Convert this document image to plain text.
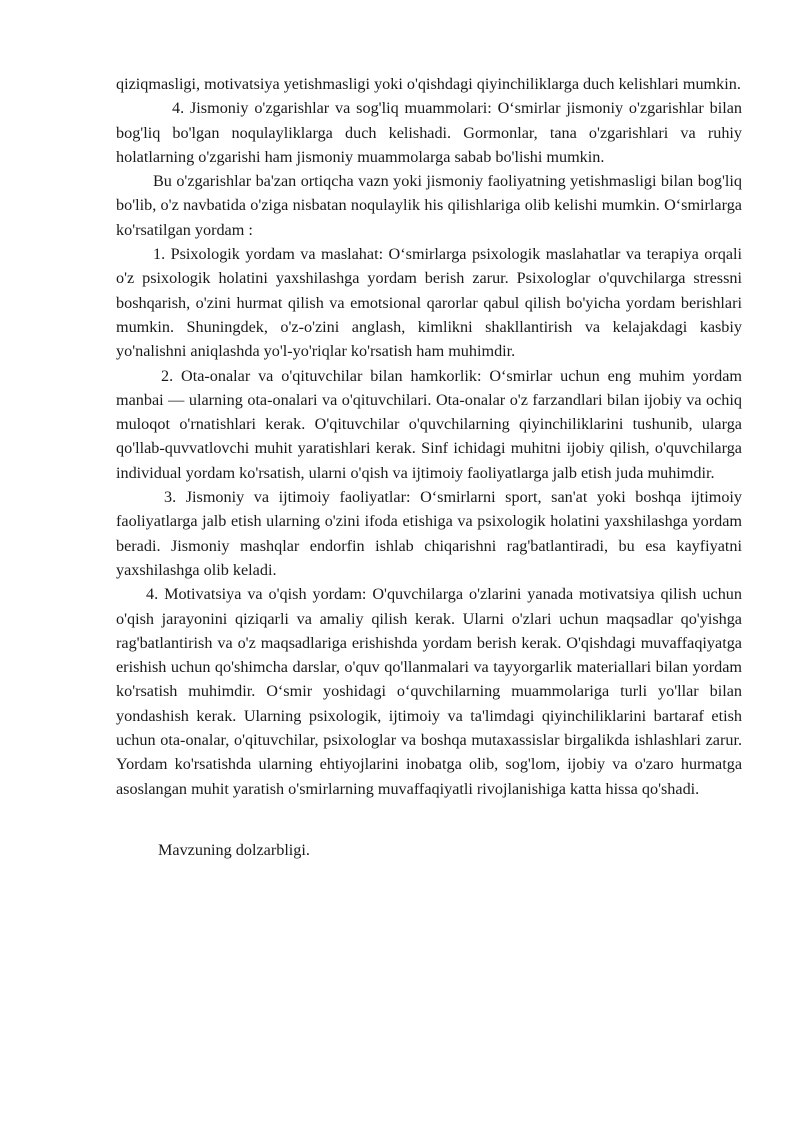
qiziqmasligi, motivatsiya yetishmasligi yoki o'qishdagi qiyinchiliklarga duch kelishlari mumkin.

4. Jismoniy o'zgarishlar va sog'liq muammolari: O‘smirlar jismoniy o'zgarishlar bilan bog'liq bo'lgan noqulayliklarga duch kelishadi. Gormonlar, tana o'zgarishlari va ruhiy holatlarning o'zgarishi ham jismoniy muammolarga sabab bo'lishi mumkin.

Bu o'zgarishlar ba'zan ortiqcha vazn yoki jismoniy faoliyatning yetishmasligi bilan bog'liq bo'lib, o'z navbatida o'ziga nisbatan noqulaylik his qilishlariga olib kelishi mumkin. O‘smirlarga ko'rsatilgan yordam :

1. Psixologik yordam va maslahat: O‘smirlarga psixologik maslahatlar va terapiya orqali o'z psixologik holatini yaxshilashga yordam berish zarur. Psixologlar o'quvchilarga stressni boshqarish, o'zini hurmat qilish va emotsional qarorlar qabul qilish bo'yicha yordam berishlari mumkin. Shuningdek, o'z-o'zini anglash, kimlikni shakllantirish va kelajakdagi kasbiy yo'nalishni aniqlashda yo'l-yo'riqlar ko'rsatish ham muhimdir.

2. Ota-onalar va o'qituvchilar bilan hamkorlik: O‘smirlar uchun eng muhim yordam manbai — ularning ota-onalari va o'qituvchilari. Ota-onalar o'z farzandlari bilan ijobiy va ochiq muloqot o'rnatishlari kerak. O'qituvchilar o'quvchilarning qiyinchiliklarini tushunib, ularga qo'llab-quvvatlovchi muhit yaratishlari kerak. Sinf ichidagi muhitni ijobiy qilish, o'quvchilarga individual yordam ko'rsatish, ularni o'qish va ijtimoiy faoliyatlarga jalb etish juda muhimdir.

3. Jismoniy va ijtimoiy faoliyatlar: O‘smirlarni sport, san'at yoki boshqa ijtimoiy faoliyatlarga jalb etish ularning o'zini ifoda etishiga va psixologik holatini yaxshilashga yordam beradi. Jismoniy mashqlar endorfin ishlab chiqarishni rag'batlantiradi, bu esa kayfiyatni yaxshilashga olib keladi.

4. Motivatsiya va o'qish yordam: O'quvchilarga o'zlarini yanada motivatsiya qilish uchun o'qish jarayonini qiziqarli va amaliy qilish kerak. Ularni o'zlari uchun maqsadlar qo'yishga rag'batlantirish va o'z maqsadlariga erishishda yordam berish kerak. O'qishdagi muvaffaqiyatga erishish uchun qo'shimcha darslar, o'quv qo'llanmalari va tayyorgarlik materiallari bilan yordam ko'rsatish muhimdir. O‘smir yoshidagi o‘quvchilarning muammolariga turli yo'llar bilan yondashish kerak. Ularning psixologik, ijtimoiy va ta'limdagi qiyinchiliklarini bartaraf etish uchun ota-onalar, o'qituvchilar, psixologlar va boshqa mutaxassislar birgalikda ishlashlari zarur. Yordam ko'rsatishda ularning ehtiyojlarini inobatga olib, sog'lom, ijobiy va o'zaro hurmatga asoslangan muhit yaratish o'smirlarning muvaffaqiyatli rivojlanishiga katta hissa qo'shadi.

Mavzuning dolzarbligi.
